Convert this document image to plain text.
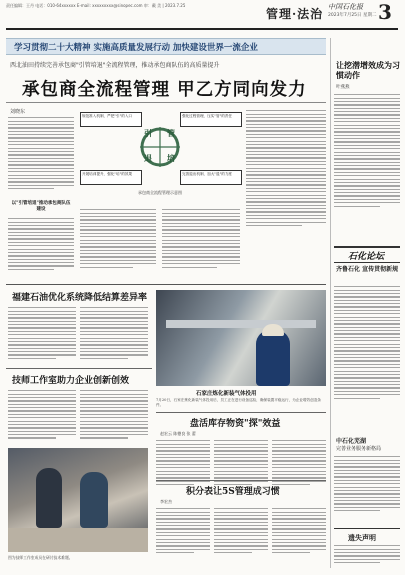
责任编辑：王丹 电话：010-64xxxxxx E-mail: xxxxxxxxx@sinopec.com 审：戴 美 | 2023.7.25
管理·法治 中国石化报
2023年7月25日 星期二 3
学习贯彻二十大精神 实施高质量发展行动 加快建设世界一流企业
西北油田持续完善承包商"引管培退"全流程管理，推动承包商队伍的高质量提升
承包商全流程管理 甲乙方同向发力
刘晓东
以"引管培退"推动承包商队伍建设
规范准入机制，严把"引"的入口	强化过程管理，压实"管"的责任
开展培训提升，强化"培"的效果	完善退出机制，加大"退"的力度
引 管
退 培
承包商全流程管理示意图
让挖潜增效成为习惯动作
叶燕燕
石化论坛
齐鲁石化 宣传贯彻新规
中石化芜湖
完善业务服务新格局
遗失声明
福建石油优化系统降低结算差异率
技师工作室助力企业创新创效
图为技师工作室成员在研讨技术难题。
石家庄炼化新装气体投用
7月20日，石家庄炼化新装气体投用后，员工正在进行设备巡检，确保装置平稳运行，为企业增效创造条件。
盘活库存物资"探"效益
赵宏云 陈德良 张 蕾
积分表让5S管理成习惯
李宏杰
